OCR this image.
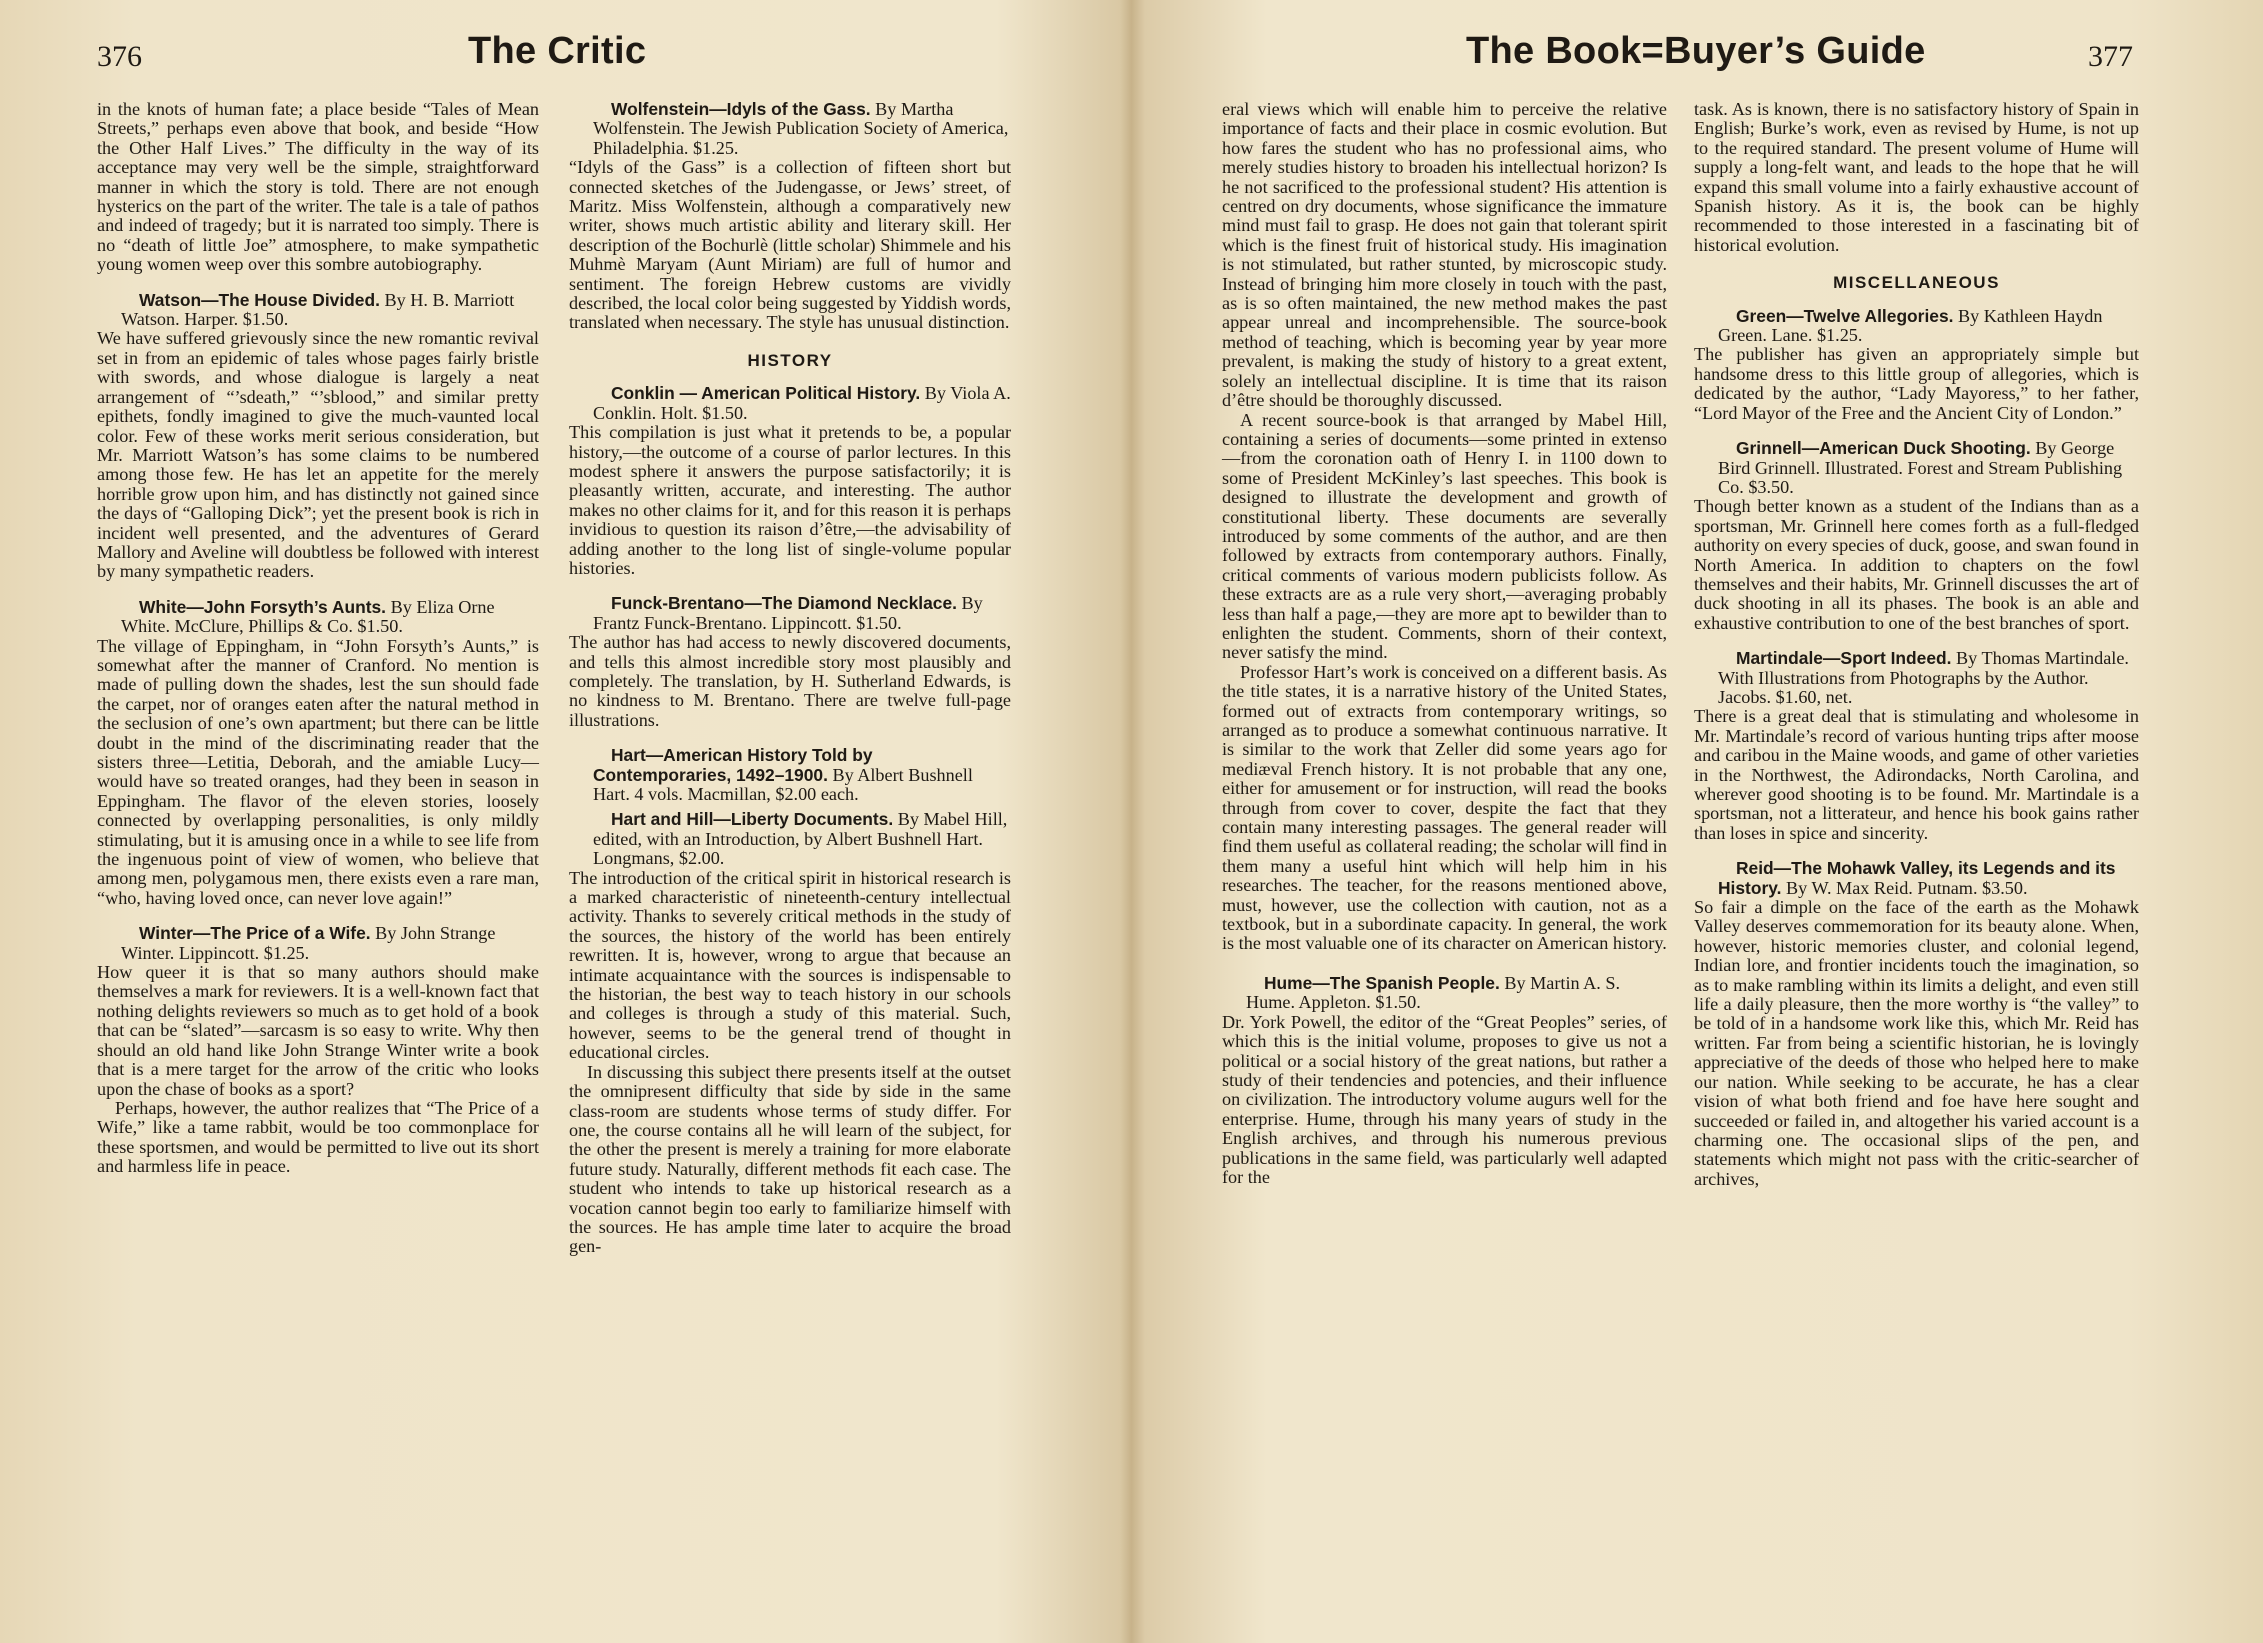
376	The Critic

in the knots of human fate; a place beside “Tales of Mean Streets,” perhaps even above that book, and beside “How the Other Half Lives.” The difficulty in the way of its acceptance may very well be the simple, straightforward manner in which the story is told. There are not enough hysterics on the part of the writer. The tale is a tale of pathos and indeed of tragedy; but it is narrated too simply. There is no “death of little Joe” atmosphere, to make sympathetic young women weep over this sombre autobiography.

Watson—The House Divided. By H. B. Marriott Watson. Harper. $1.50.

We have suffered grievously since the new romantic revival set in from an epidemic of tales whose pages fairly bristle with swords, and whose dialogue is largely a neat arrangement of “’sdeath,” “’sblood,” and similar pretty epithets, fondly imagined to give the much-vaunted local color. Few of these works merit serious consideration, but Mr. Marriott Watson’s has some claims to be numbered among those few. He has let an appetite for the merely horrible grow upon him, and has distinctly not gained since the days of “Galloping Dick”; yet the present book is rich in incident well presented, and the adventures of Gerard Mallory and Aveline will doubtless be followed with interest by many sympathetic readers.

White—John Forsyth’s Aunts. By Eliza Orne White. McClure, Phillips & Co. $1.50.

The village of Eppingham, in “John Forsyth’s Aunts,” is somewhat after the manner of Cranford. No mention is made of pulling down the shades, lest the sun should fade the carpet, nor of oranges eaten after the natural method in the seclusion of one’s own apartment; but there can be little doubt in the mind of the discriminating reader that the sisters three—Letitia, Deborah, and the amiable Lucy—would have so treated oranges, had they been in season in Eppingham. The flavor of the eleven stories, loosely connected by overlapping personalities, is only mildly stimulating, but it is amusing once in a while to see life from the ingenuous point of view of women, who believe that among men, polygamous men, there exists even a rare man, “who, having loved once, can never love again!”

Winter—The Price of a Wife. By John Strange Winter. Lippincott. $1.25.

How queer it is that so many authors should make themselves a mark for reviewers. It is a well-known fact that nothing delights reviewers so much as to get hold of a book that can be “slated”—sarcasm is so easy to write. Why then should an old hand like John Strange Winter write a book that is a mere target for the arrow of the critic who looks upon the chase of books as a sport?

Perhaps, however, the author realizes that “The Price of a Wife,” like a tame rabbit, would be too commonplace for these sportsmen, and would be permitted to live out its short and harmless life in peace.

Wolfenstein—Idyls of the Gass. By Martha Wolfenstein. The Jewish Publication Society of America, Philadelphia. $1.25.

“Idyls of the Gass” is a collection of fifteen short but connected sketches of the Judengasse, or Jews’ street, of Maritz. Miss Wolfenstein, although a comparatively new writer, shows much artistic ability and literary skill. Her description of the Bochurlè (little scholar) Shimmele and his Muhmè Maryam (Aunt Miriam) are full of humor and sentiment. The foreign Hebrew customs are vividly described, the local color being suggested by Yiddish words, translated when necessary. The style has unusual distinction.

HISTORY

Conklin — American Political History. By Viola A. Conklin. Holt. $1.50.

This compilation is just what it pretends to be, a popular history,—the outcome of a course of parlor lectures. In this modest sphere it answers the purpose satisfactorily; it is pleasantly written, accurate, and interesting. The author makes no other claims for it, and for this reason it is perhaps invidious to question its raison d’être,—the advisability of adding another to the long list of single-volume popular histories.

Funck-Brentano—The Diamond Necklace. By Frantz Funck-Brentano. Lippincott. $1.50.

The author has had access to newly discovered documents, and tells this almost incredible story most plausibly and completely. The translation, by H. Sutherland Edwards, is no kindness to M. Brentano. There are twelve full-page illustrations.

Hart—American History Told by Contemporaries, 1492–1900. By Albert Bushnell Hart. 4 vols. Macmillan, $2.00 each.

Hart and Hill—Liberty Documents. By Mabel Hill, edited, with an Introduction, by Albert Bushnell Hart. Longmans, $2.00.

The introduction of the critical spirit in historical research is a marked characteristic of nineteenth-century intellectual activity. Thanks to severely critical methods in the study of the sources, the history of the world has been entirely rewritten. It is, however, wrong to argue that because an intimate acquaintance with the sources is indispensable to the historian, the best way to teach history in our schools and colleges is through a study of this material. Such, however, seems to be the general trend of thought in educational circles.

In discussing this subject there presents itself at the outset the omnipresent difficulty that side by side in the same class-room are students whose terms of study differ. For one, the course contains all he will learn of the subject, for the other the present is merely a training for more elaborate future study. Naturally, different methods fit each case. The student who intends to take up historical research as a vocation cannot begin too early to familiarize himself with the sources. He has ample time later to acquire the broad gen-

The Book=Buyer’s Guide	377

eral views which will enable him to perceive the relative importance of facts and their place in cosmic evolution. But how fares the student who has no professional aims, who merely studies history to broaden his intellectual horizon? Is he not sacrificed to the professional student? His attention is centred on dry documents, whose significance the immature mind must fail to grasp. He does not gain that tolerant spirit which is the finest fruit of historical study. His imagination is not stimulated, but rather stunted, by microscopic study. Instead of bringing him more closely in touch with the past, as is so often maintained, the new method makes the past appear unreal and incomprehensible. The source-book method of teaching, which is becoming year by year more prevalent, is making the study of history to a great extent, solely an intellectual discipline. It is time that its raison d’être should be thoroughly discussed.

A recent source-book is that arranged by Mabel Hill, containing a series of documents—some printed in extenso—from the coronation oath of Henry I. in 1100 down to some of President McKinley’s last speeches. This book is designed to illustrate the development and growth of constitutional liberty. These documents are severally introduced by some comments of the author, and are then followed by extracts from contemporary authors. Finally, critical comments of various modern publicists follow. As these extracts are as a rule very short,—averaging probably less than half a page,—they are more apt to bewilder than to enlighten the student. Comments, shorn of their context, never satisfy the mind.

Professor Hart’s work is conceived on a different basis. As the title states, it is a narrative history of the United States, formed out of extracts from contemporary writings, so arranged as to produce a somewhat continuous narrative. It is similar to the work that Zeller did some years ago for mediæval French history. It is not probable that any one, either for amusement or for instruction, will read the books through from cover to cover, despite the fact that they contain many interesting passages. The general reader will find them useful as collateral reading; the scholar will find in them many a useful hint which will help him in his researches. The teacher, for the reasons mentioned above, must, however, use the collection with caution, not as a textbook, but in a subordinate capacity. In general, the work is the most valuable one of its character on American history.

Hume—The Spanish People. By Martin A. S. Hume. Appleton. $1.50.

Dr. York Powell, the editor of the “Great Peoples” series, of which this is the initial volume, proposes to give us not a political or a social history of the great nations, but rather a study of their tendencies and potencies, and their influence on civilization. The introductory volume augurs well for the enterprise. Hume, through his many years of study in the English archives, and through his numerous previous publications in the same field, was particularly well adapted for the

task. As is known, there is no satisfactory history of Spain in English; Burke’s work, even as revised by Hume, is not up to the required standard. The present volume of Hume will supply a long-felt want, and leads to the hope that he will expand this small volume into a fairly exhaustive account of Spanish history. As it is, the book can be highly recommended to those interested in a fascinating bit of historical evolution.

MISCELLANEOUS

Green—Twelve Allegories. By Kathleen Haydn Green. Lane. $1.25.

The publisher has given an appropriately simple but handsome dress to this little group of allegories, which is dedicated by the author, “Lady Mayoress,” to her father, “Lord Mayor of the Free and the Ancient City of London.”

Grinnell—American Duck Shooting. By George Bird Grinnell. Illustrated. Forest and Stream Publishing Co. $3.50.

Though better known as a student of the Indians than as a sportsman, Mr. Grinnell here comes forth as a full-fledged authority on every species of duck, goose, and swan found in North America. In addition to chapters on the fowl themselves and their habits, Mr. Grinnell discusses the art of duck shooting in all its phases. The book is an able and exhaustive contribution to one of the best branches of sport.

Martindale—Sport Indeed. By Thomas Martindale. With Illustrations from Photographs by the Author. Jacobs. $1.60, net.

There is a great deal that is stimulating and wholesome in Mr. Martindale’s record of various hunting trips after moose and caribou in the Maine woods, and game of other varieties in the Northwest, the Adirondacks, North Carolina, and wherever good shooting is to be found. Mr. Martindale is a sportsman, not a litterateur, and hence his book gains rather than loses in spice and sincerity.

Reid—The Mohawk Valley, its Legends and its History. By W. Max Reid. Putnam. $3.50.

So fair a dimple on the face of the earth as the Mohawk Valley deserves commemoration for its beauty alone. When, however, historic memories cluster, and colonial legend, Indian lore, and frontier incidents touch the imagination, so as to make rambling within its limits a delight, and even still life a daily pleasure, then the more worthy is “the valley” to be told of in a handsome work like this, which Mr. Reid has written. Far from being a scientific historian, he is lovingly appreciative of the deeds of those who helped here to make our nation. While seeking to be accurate, he has a clear vision of what both friend and foe have here sought and succeeded or failed in, and altogether his varied account is a charming one. The occasional slips of the pen, and statements which might not pass with the critic-searcher of archives,
